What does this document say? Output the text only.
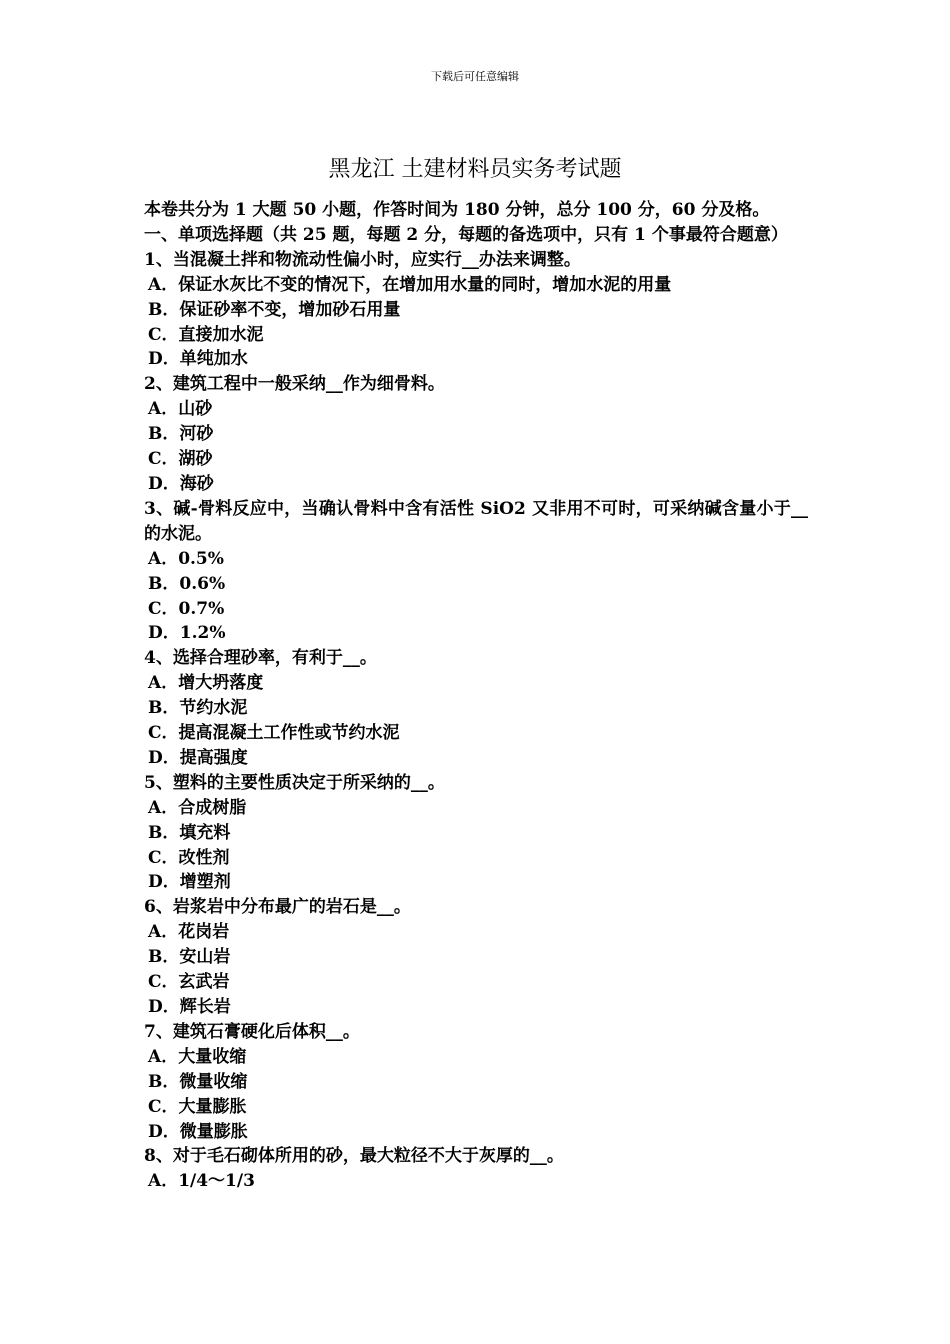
下载后可任意编辑
黑龙江 土建材料员实务考试题
本卷共分为 1 大题 50 小题，作答时间为 180 分钟，总分 100 分，60 分及格。
一、单项选择题（共 25 题，每题 2 分，每题的备选项中，只有 1 个事最符合题意）
1、当混凝土拌和物流动性偏小时，应实行__办法来调整。
A．保证水灰比不变的情况下，在增加用水量的同时，增加水泥的用量
B．保证砂率不变，增加砂石用量
C．直接加水泥
D．单纯加水
2、建筑工程中一般采纳__作为细骨料。
A．山砂
B．河砂
C．湖砂
D．海砂
3、碱-骨料反应中，当确认骨料中含有活性 SiO2 又非用不可时，可采纳碱含量小于__的水泥。
A．0.5%
B．0.6%
C．0.7%
D．1.2%
4、选择合理砂率，有利于__。
A．增大坍落度
B．节约水泥
C．提高混凝土工作性或节约水泥
D．提高强度
5、塑料的主要性质决定于所采纳的__。
A．合成树脂
B．填充料
C．改性剂
D．增塑剂
6、岩浆岩中分布最广的岩石是__。
A．花岗岩
B．安山岩
C．玄武岩
D．辉长岩
7、建筑石膏硬化后体积__。
A．大量收缩
B．微量收缩
C．大量膨胀
D．微量膨胀
8、对于毛石砌体所用的砂，最大粒径不大于灰厚的__。
A．1/4～1/3
